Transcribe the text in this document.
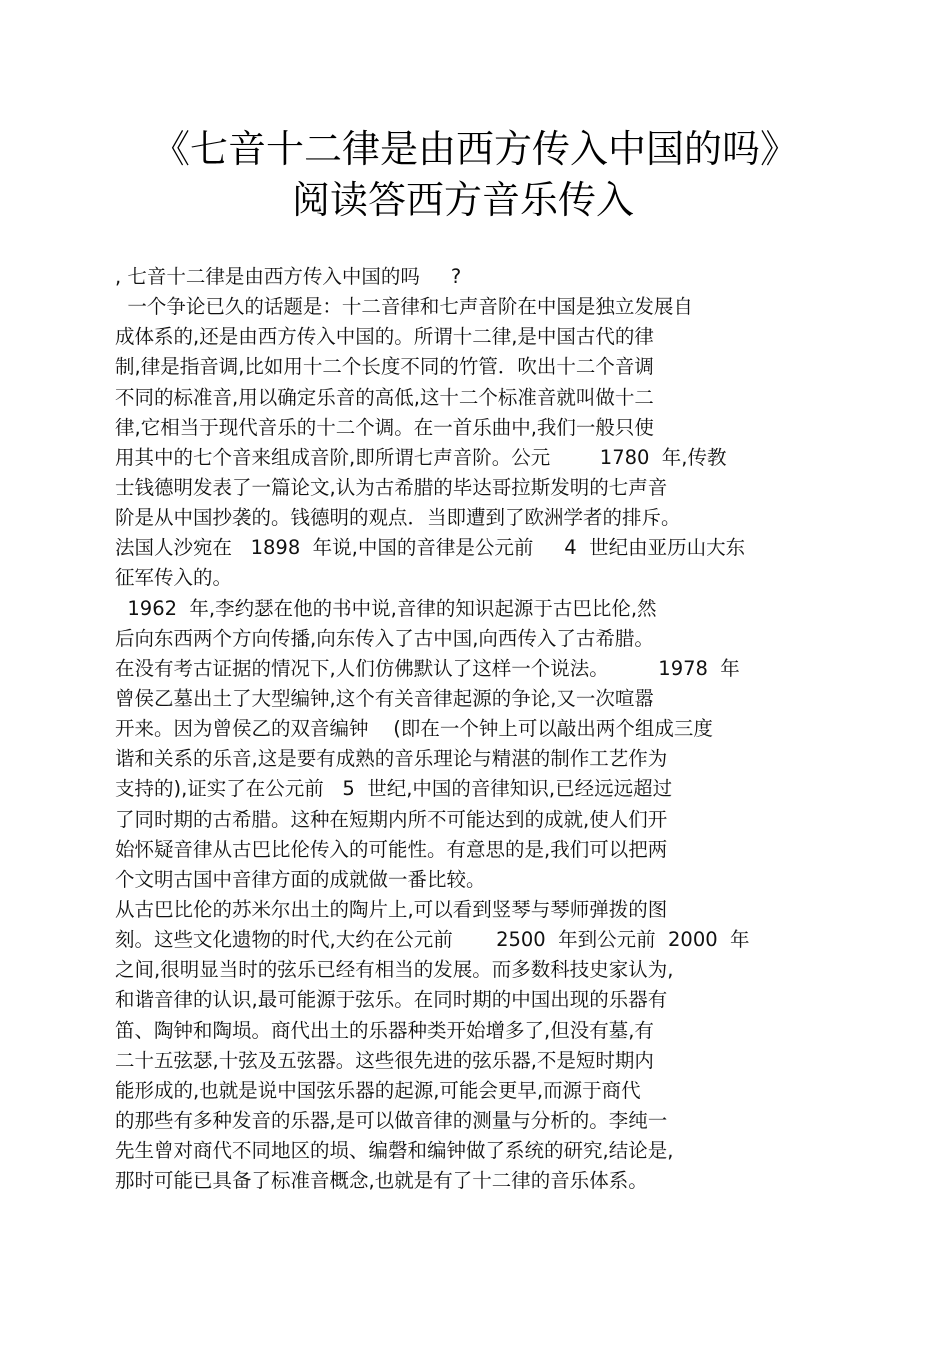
《七音十二律是由西方传入中国的吗》
阅读答西方音乐传入
, 七音十二律是由西方传入中国的吗     ?
一个争论已久的话题是：十二音律和七声音阶在中国是独立发展自
成体系的,还是由西方传入中国的。所谓十二律,是中国古代的律
制,律是指音调,比如用十二个长度不同的竹管．吹出十二个音调
不同的标准音,用以确定乐音的高低,这十二个标准音就叫做十二
律,它相当于现代音乐的十二个调。在一首乐曲中,我们一般只使
用其中的七个音来组成音阶,即所谓七声音阶。公元        1780  年,传教
士钱德明发表了一篇论文,认为古希腊的毕达哥拉斯发明的七声音
阶是从中国抄袭的。钱德明的观点．当即遭到了欧洲学者的排斥。
法国人沙宛在   1898  年说,中国的音律是公元前     4  世纪由亚历山大东
征军传入的。
1962  年,李约瑟在他的书中说,音律的知识起源于古巴比伦,然
后向东西两个方向传播,向东传入了古中国,向西传入了古希腊。
在没有考古证据的情况下,人们仿佛默认了这样一个说法。        1978  年
曾侯乙墓出土了大型编钟,这个有关音律起源的争论,又一次喧嚣
开来。因为曾侯乙的双音编钟    (即在一个钟上可以敲出两个组成三度
谐和关系的乐音,这是要有成熟的音乐理论与精湛的制作工艺作为
支持的),证实了在公元前   5  世纪,中国的音律知识,已经远远超过
了同时期的古希腊。这种在短期内所不可能达到的成就,使人们开
始怀疑音律从古巴比伦传入的可能性。有意思的是,我们可以把两
个文明古国中音律方面的成就做一番比较。
从古巴比伦的苏米尔出土的陶片上,可以看到竖琴与琴师弹拨的图
刻。这些文化遗物的时代,大约在公元前       2500  年到公元前  2000  年
之间,很明显当时的弦乐已经有相当的发展。而多数科技史家认为,
和谐音律的认识,最可能源于弦乐。在同时期的中国出现的乐器有
笛、陶钟和陶埙。商代出土的乐器种类开始增多了,但没有墓,有
二十五弦瑟,十弦及五弦器。这些很先进的弦乐器,不是短时期内
能形成的,也就是说中国弦乐器的起源,可能会更早,而源于商代
的那些有多种发音的乐器,是可以做音律的测量与分析的。李纯一
先生曾对商代不同地区的埙、编磬和编钟做了系统的研究,结论是,
那时可能已具备了标准音概念,也就是有了十二律的音乐体系。
